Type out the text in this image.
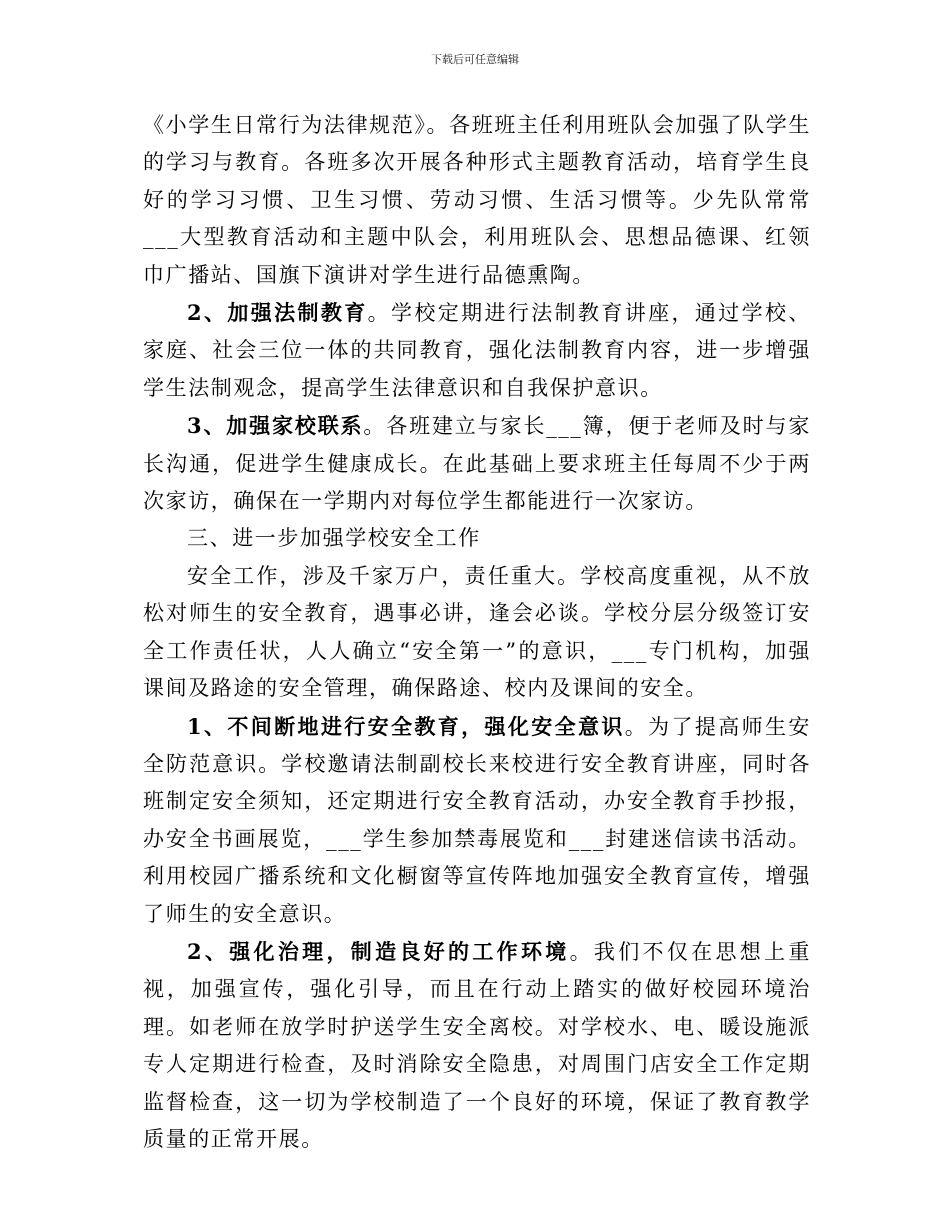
下载后可任意编辑

《小学生日常行为法律规范》。各班班主任利用班队会加强了队学生的学习与教育。各班多次开展各种形式主题教育活动，培育学生良好的学习习惯、卫生习惯、劳动习惯、生活习惯等。少先队常常___大型教育活动和主题中队会，利用班队会、思想品德课、红领巾广播站、国旗下演讲对学生进行品德熏陶。

2、加强法制教育。学校定期进行法制教育讲座，通过学校、家庭、社会三位一体的共同教育，强化法制教育内容，进一步增强学生法制观念，提高学生法律意识和自我保护意识。

3、加强家校联系。各班建立与家长___簿，便于老师及时与家长沟通，促进学生健康成长。在此基础上要求班主任每周不少于两次家访，确保在一学期内对每位学生都能进行一次家访。

三、进一步加强学校安全工作

安全工作，涉及千家万户，责任重大。学校高度重视，从不放松对师生的安全教育，遇事必讲，逢会必谈。学校分层分级签订安全工作责任状，人人确立“安全第一”的意识，___专门机构，加强课间及路途的安全管理，确保路途、校内及课间的安全。

1、不间断地进行安全教育，强化安全意识。为了提高师生安全防范意识。学校邀请法制副校长来校进行安全教育讲座，同时各班制定安全须知，还定期进行安全教育活动，办安全教育手抄报，办安全书画展览，___学生参加禁毒展览和___封建迷信读书活动。利用校园广播系统和文化橱窗等宣传阵地加强安全教育宣传，增强了师生的安全意识。

2、强化治理，制造良好的工作环境。我们不仅在思想上重视，加强宣传，强化引导，而且在行动上踏实的做好校园环境治理。如老师在放学时护送学生安全离校。对学校水、电、暖设施派专人定期进行检查，及时消除安全隐患，对周围门店安全工作定期监督检查，这一切为学校制造了一个良好的环境，保证了教育教学质量的正常开展。
